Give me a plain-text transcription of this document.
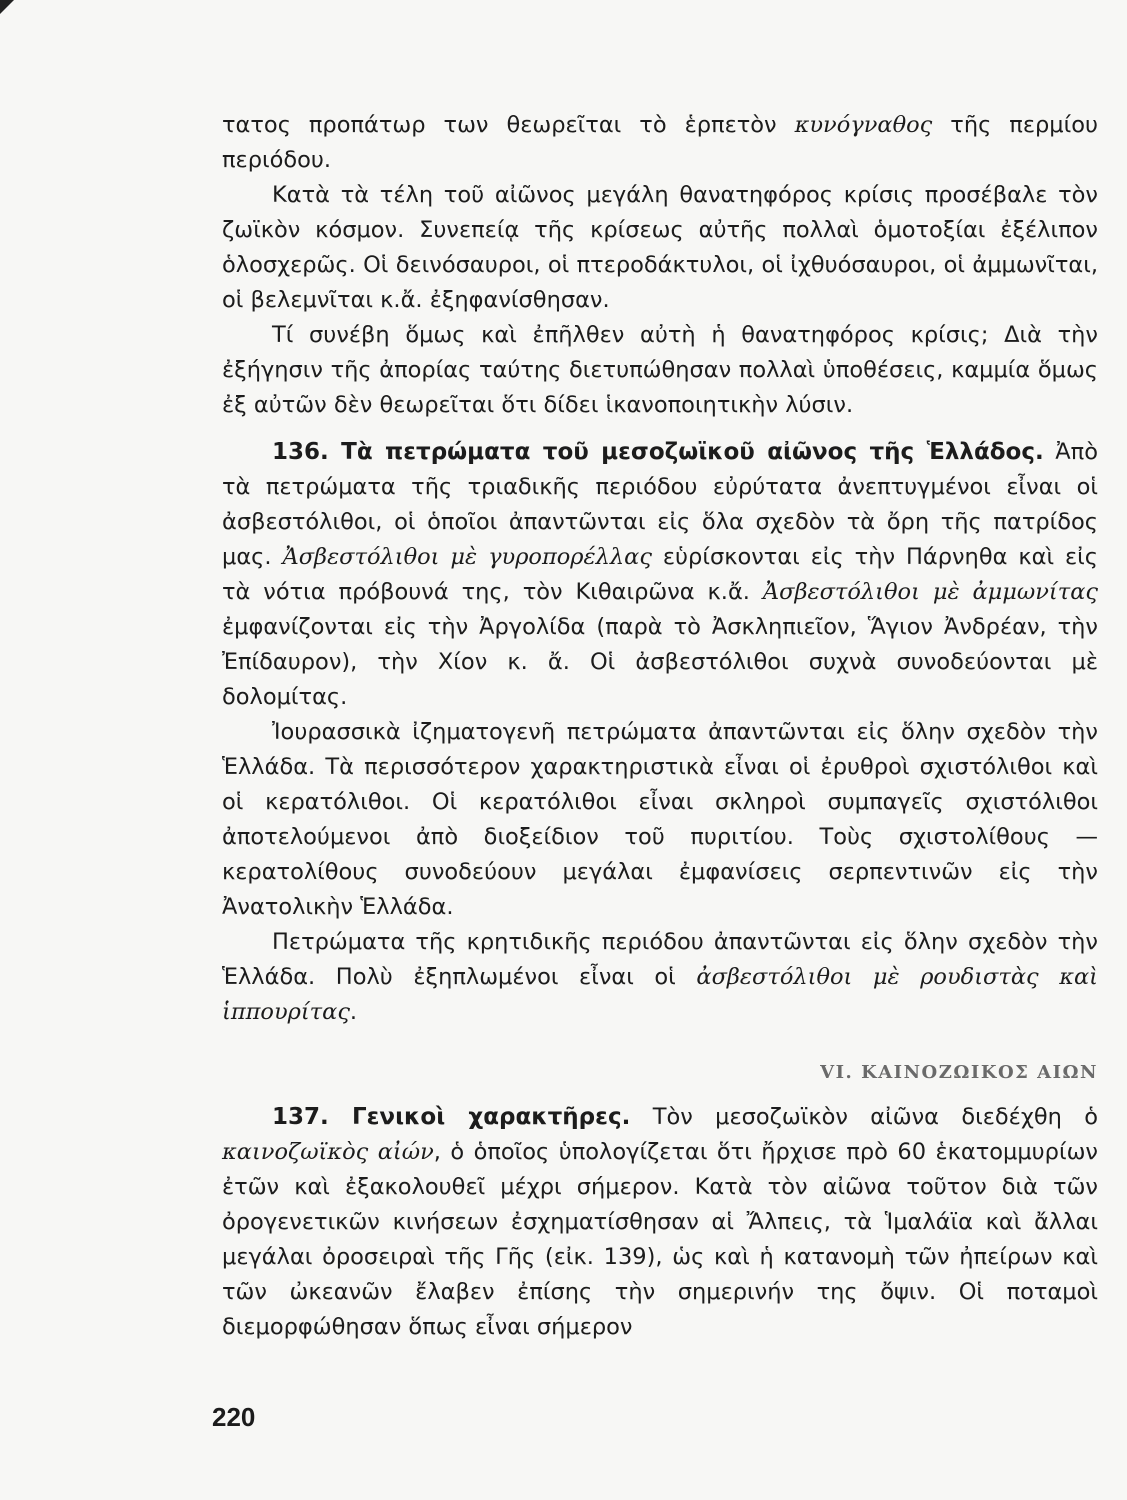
τατος προπάτωρ των θεωρεῖται τὸ ἑρπετὸν κυνόγναθος τῆς περμίου περιόδου.

Κατὰ τὰ τέλη τοῦ αἰῶνος μεγάλη θανατηφόρος κρίσις προσέβαλε τὸν ζωϊκὸν κόσμον. Συνεπείᾳ τῆς κρίσεως αὐτῆς πολλαὶ ὁμοτοξίαι ἐξέλιπον ὁλοσχερῶς. Οἱ δεινόσαυροι, οἱ πτεροδάκτυλοι, οἱ ἰχθυόσαυροι, οἱ ἀμμωνῖται, οἱ βελεμνῖται κ.ἄ. ἐξηφανίσθησαν.

Τί συνέβη ὅμως καὶ ἐπῆλθεν αὐτὴ ἡ θανατηφόρος κρίσις; Διὰ τὴν ἐξήγησιν τῆς ἀπορίας ταύτης διετυπώθησαν πολλαὶ ὑποθέσεις, καμμία ὅμως ἐξ αὐτῶν δὲν θεωρεῖται ὅτι δίδει ἱκανοποιητικὴν λύσιν.

136. Τὰ πετρώματα τοῦ μεσοζωϊκοῦ αἰῶνος τῆς Ἑλλάδος. Ἀπὸ τὰ πετρώματα τῆς τριαδικῆς περιόδου εὐρύτατα ἀνεπτυγμένοι εἶναι οἱ ἀσβεστόλιθοι, οἱ ὁποῖοι ἀπαντῶνται εἰς ὅλα σχεδὸν τὰ ὄρη τῆς πατρίδος μας. Ἀσβεστόλιθοι μὲ γυροπορέλλας εὑρίσκονται εἰς τὴν Πάρνηθα καὶ εἰς τὰ νότια πρόβουνά της, τὸν Κιθαιρῶνα κ.ἄ. Ἀσβεστόλιθοι μὲ ἀμμωνίτας ἐμφανίζονται εἰς τὴν Ἀργολίδα (παρὰ τὸ Ἀσκληπιεῖον, Ἅγιον Ἀνδρέαν, τὴν Ἐπίδαυρον), τὴν Χίον κ. ἄ. Οἱ ἀσβεστόλιθοι συχνὰ συνοδεύονται μὲ δολομίτας.

Ἰουρασσικὰ ἰζηματογενῆ πετρώματα ἀπαντῶνται εἰς ὅλην σχεδὸν τὴν Ἑλλάδα. Τὰ περισσότερον χαρακτηριστικὰ εἶναι οἱ ἐρυθροὶ σχιστόλιθοι καὶ οἱ κερατόλιθοι. Οἱ κερατόλιθοι εἶναι σκληροὶ συμπαγεῖς σχιστόλιθοι ἀποτελούμενοι ἀπὸ διοξείδιον τοῦ πυριτίου. Τοὺς σχιστολίθους — κερατολίθους συνοδεύουν μεγάλαι ἐμφανίσεις σερπεντινῶν εἰς τὴν Ἀνατολικὴν Ἑλλάδα.

Πετρώματα τῆς κρητιδικῆς περιόδου ἀπαντῶνται εἰς ὅλην σχεδὸν τὴν Ἑλλάδα. Πολὺ ἐξηπλωμένοι εἶναι οἱ ἀσβεστόλιθοι μὲ ρουδιστὰς καὶ ἱππουρίτας.

VI. ΚΑΙΝΟΖΩΙΚΟΣ ΑΙΩΝ

137. Γενικοὶ χαρακτῆρες. Τὸν μεσοζωϊκὸν αἰῶνα διεδέχθη ὁ καινοζωϊκὸς αἰών, ὁ ὁποῖος ὑπολογίζεται ὅτι ἤρχισε πρὸ 60 ἑκατομμυρίων ἐτῶν καὶ ἐξακολουθεῖ μέχρι σήμερον. Κατὰ τὸν αἰῶνα τοῦτον διὰ τῶν ὀρογενετικῶν κινήσεων ἐσχηματίσθησαν αἱ Ἄλπεις, τὰ Ἱμαλάϊα καὶ ἄλλαι μεγάλαι ὀροσειραὶ τῆς Γῆς (εἰκ. 139), ὡς καὶ ἡ κατανομὴ τῶν ἠπείρων καὶ τῶν ὠκεανῶν ἔλαβεν ἐπίσης τὴν σημερινήν της ὄψιν. Οἱ ποταμοὶ διεμορφώθησαν ὅπως εἶναι σήμερον

220
